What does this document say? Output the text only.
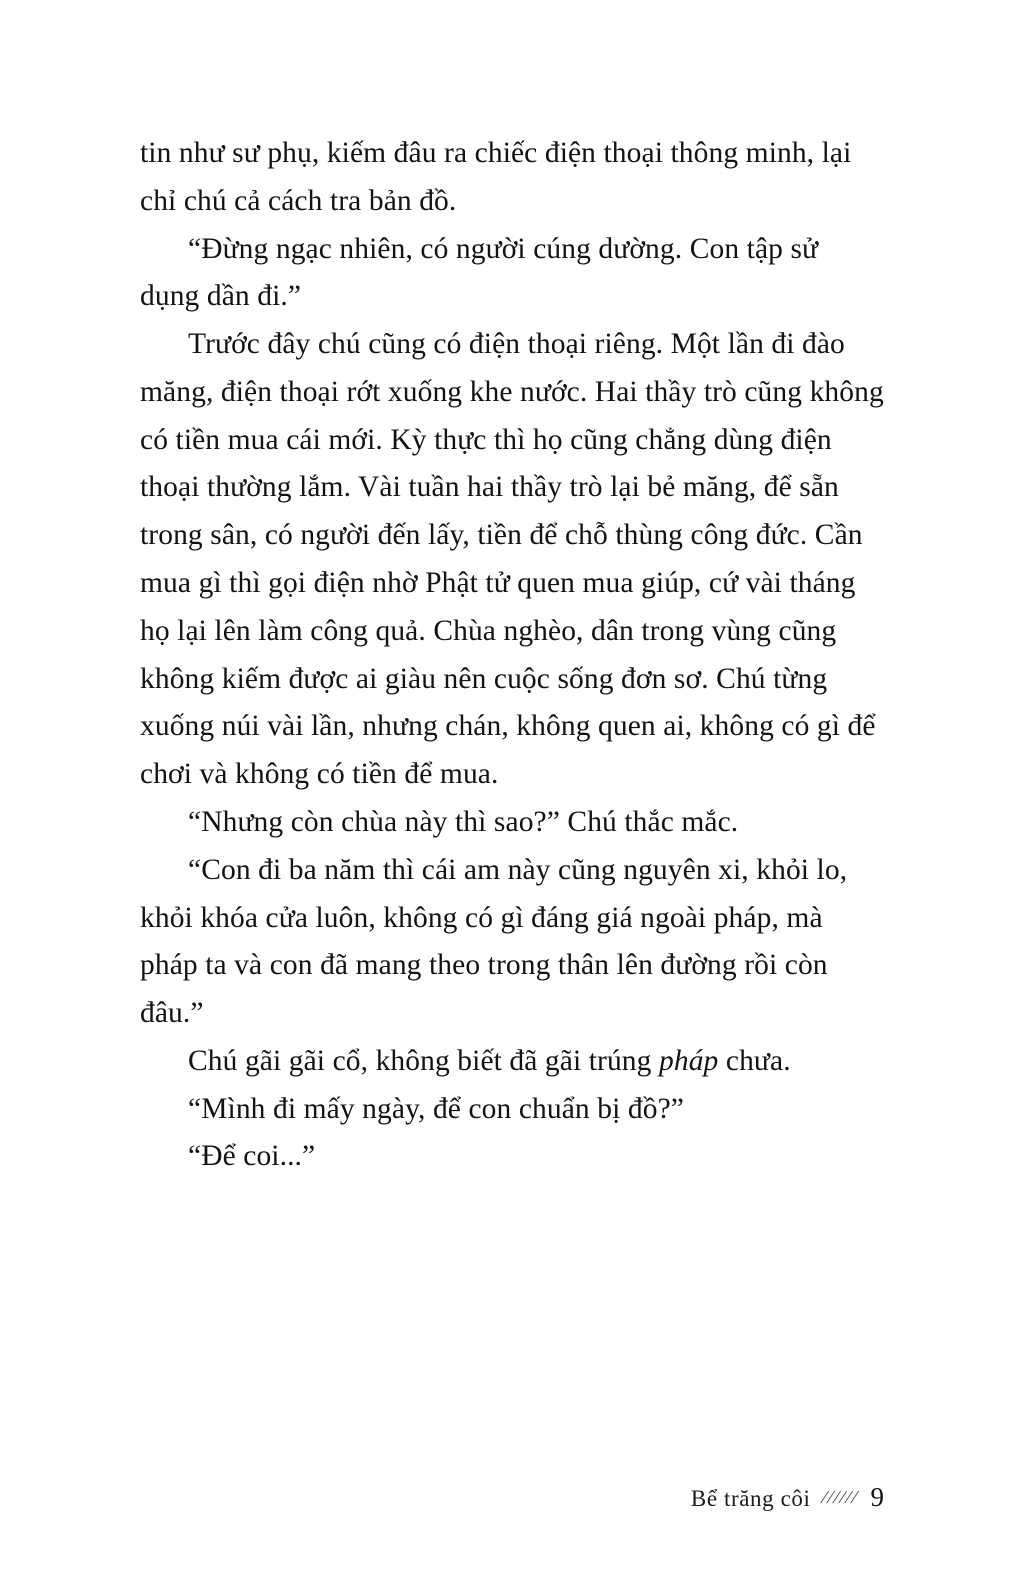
tin như sư phụ, kiếm đâu ra chiếc điện thoại thông minh, lại chỉ chú cả cách tra bản đồ.

“Đừng ngạc nhiên, có người cúng dường. Con tập sử dụng dần đi.”

Trước đây chú cũng có điện thoại riêng. Một lần đi đào măng, điện thoại rớt xuống khe nước. Hai thầy trò cũng không có tiền mua cái mới. Kỳ thực thì họ cũng chẳng dùng điện thoại thường lắm. Vài tuần hai thầy trò lại bẻ măng, để sẵn trong sân, có người đến lấy, tiền để chỗ thùng công đức. Cần mua gì thì gọi điện nhờ Phật tử quen mua giúp, cứ vài tháng họ lại lên làm công quả. Chùa nghèo, dân trong vùng cũng không kiếm được ai giàu nên cuộc sống đơn sơ. Chú từng xuống núi vài lần, nhưng chán, không quen ai, không có gì để chơi và không có tiền để mua.

“Nhưng còn chùa này thì sao?” Chú thắc mắc.

“Con đi ba năm thì cái am này cũng nguyên xi, khỏi lo, khỏi khóa cửa luôn, không có gì đáng giá ngoài pháp, mà pháp ta và con đã mang theo trong thân lên đường rồi còn đâu.”

Chú gãi gãi cổ, không biết đã gãi trúng pháp chưa.

“Mình đi mấy ngày, để con chuẩn bị đồ?”

“Để coi...”

Bể trăng côi ////// 9
